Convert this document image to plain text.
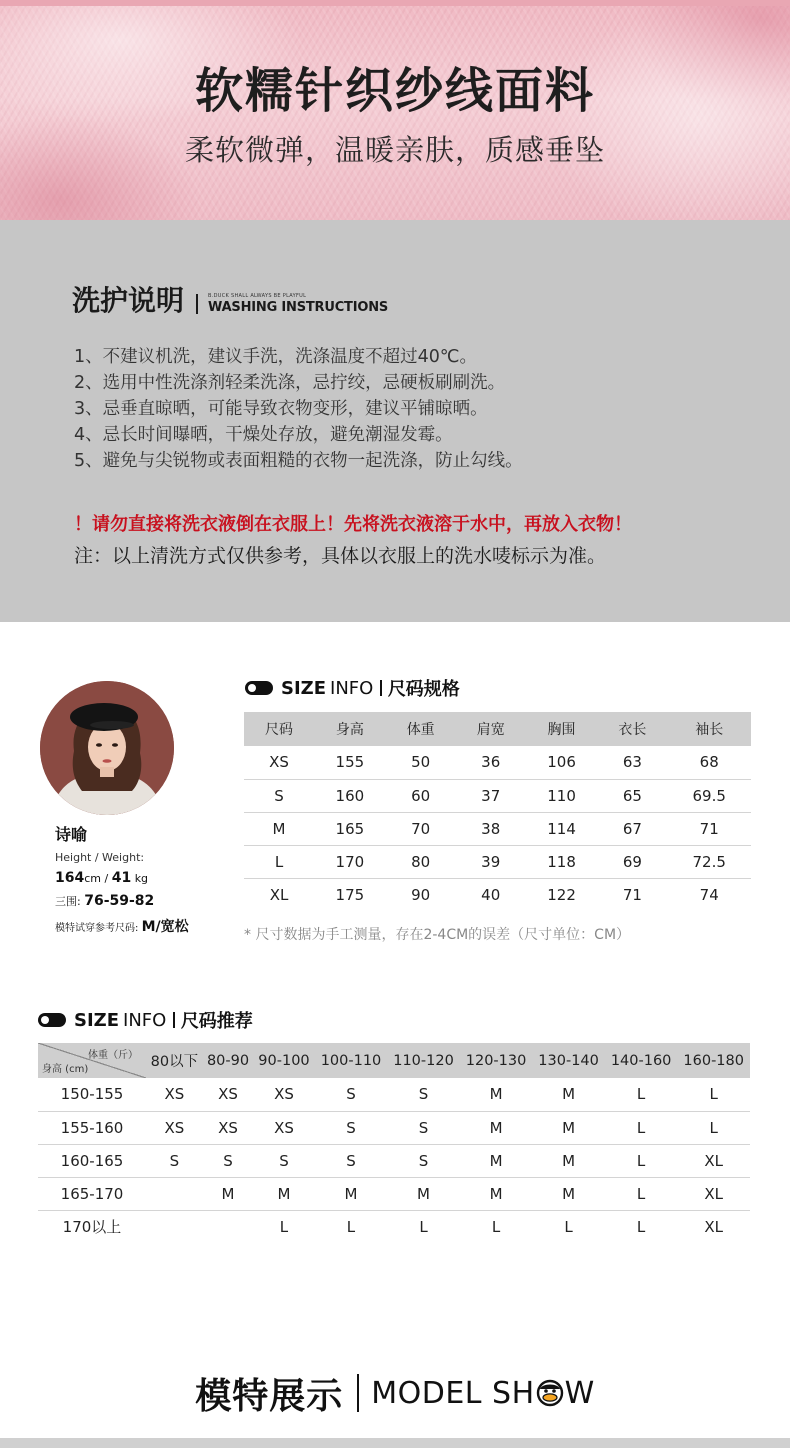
软糯针织纱线面料

柔软微弹，温暖亲肤，质感垂坠

洗护说明	B.DUCK SHALL ALWAYS BE PLAYFUL
WASHING INSTRUCTIONS

1、不建议机洗，建议手洗，洗涤温度不超过40℃。

2、选用中性洗涤剂轻柔洗涤，忌拧绞，忌硬板刷刷洗。

3、忌垂直晾晒，可能导致衣物变形，建议平铺晾晒。

4、忌长时间曝晒，干燥处存放，避免潮湿发霉。

5、避免与尖锐物或表面粗糙的衣物一起洗涤，防止勾线。

！请勿直接将洗衣液倒在衣服上！先将洗衣液溶于水中，再放入衣物！

注：以上清洗方式仅供参考，具体以衣服上的洗水唛标示为准。

诗喻
Height / Weight:
164cm / 41 kg
三围: 76-59-82
模特试穿参考尺码: M/宽松
SIZE INFO 尺码规格
尺码	身高	体重	肩宽	胸围	衣长	袖长
XS	155	50	36	106	63	68
S	160	60	37	110	65	69.5
M	165	70	38	114	67	71
L	170	80	39	118	69	72.5
XL	175	90	40	122	71	74

* 尺寸数据为手工测量，存在2-4CM的误差（尺寸单位：CM）

SIZE INFO 尺码推荐
体重（斤）
身高 (cm)	80以下	80-90	90-100	100-110	110-120	120-130	130-140	140-160	160-180
150-155	XS	XS	XS	S	S	M	M	L	L
155-160	XS	XS	XS	S	S	M	M	L	L
160-165	S	S	S	S	S	M	M	L	XL
165-170		M	M	M	M	M	M	L	XL
170以上			L	L	L	L	L	L	XL
模特展示 MODEL SH W
